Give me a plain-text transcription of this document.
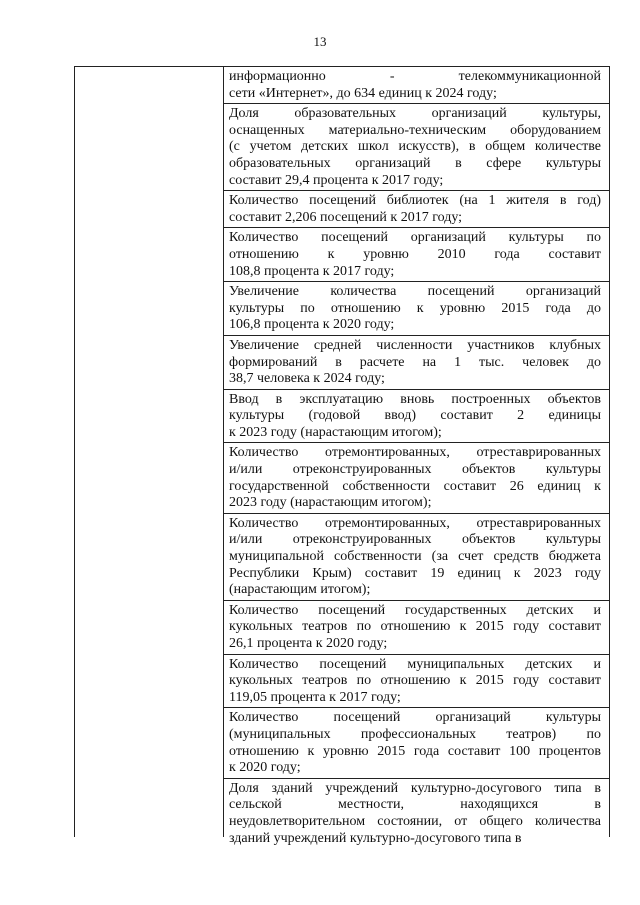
13
информационно - телекоммуникационной
сети «Интернет», до 634 единиц к 2024 году;
Доля образовательных организаций культуры,
оснащенных материально-техническим оборудованием
(с учетом детских школ искусств), в общем количестве
образовательных организаций в сфере культуры
составит 29,4 процента к 2017 году;
Количество посещений библиотек (на 1 жителя в год)
составит 2,206 посещений к 2017 году;
Количество посещений организаций культуры по
отношению к уровню 2010 года составит
108,8 процента к 2017 году;
Увеличение количества посещений организаций
культуры по отношению к уровню 2015 года до
106,8 процента к 2020 году;
Увеличение средней численности участников клубных
формирований в расчете на 1 тыс. человек до
38,7 человека к 2024 году;
Ввод в эксплуатацию вновь построенных объектов
культуры (годовой ввод) составит 2 единицы
к 2023 году (нарастающим итогом);
Количество отремонтированных, отреставрированных
и/или отреконструированных объектов культуры
государственной собственности составит 26 единиц к
2023 году (нарастающим итогом);
Количество отремонтированных, отреставрированных
и/или отреконструированных объектов культуры
муниципальной собственности (за счет средств бюджета
Республики Крым) составит 19 единиц к 2023 году
(нарастающим итогом);
Количество посещений государственных детских и
кукольных театров по отношению к 2015 году составит
26,1 процента к 2020 году;
Количество посещений муниципальных детских и
кукольных театров по отношению к 2015 году составит
119,05 процента к 2017 году;
Количество посещений организаций культуры
(муниципальных профессиональных театров) по
отношению к уровню 2015 года составит 100 процентов
к 2020 году;
Доля зданий учреждений культурно-досугового типа в
сельской местности, находящихся в
неудовлетворительном состоянии, от общего количества
зданий учреждений культурно-досугового типа в
